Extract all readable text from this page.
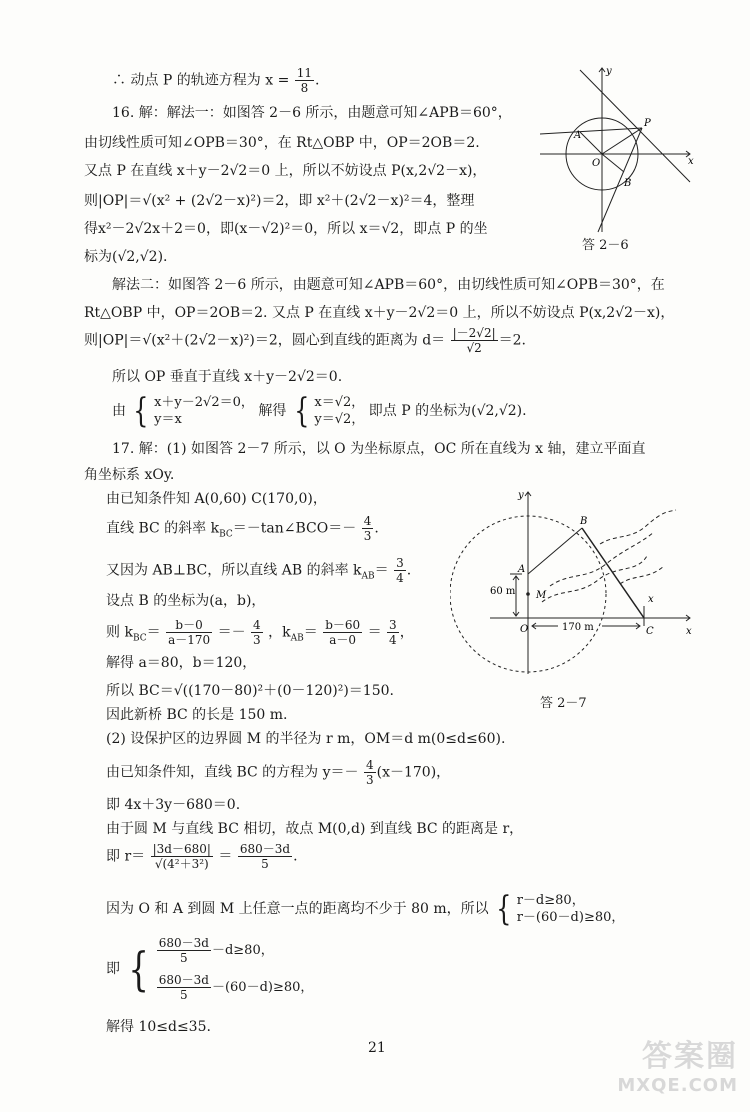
∴ 动点 P 的轨迹方程为 $x = \frac{11}{8}$ .
16. 解：解法一：如图答 2－6 所示，由题意可知∠APB＝60°，
由切线性质可知∠OPB＝30°，在 Rt△OBP 中，OP＝2OB＝2.
又点 P 在直线 x＋y－2√2＝0 上，所以不妨设点 P(x,2√2－x)，
则|OP|＝√(x² + (2√2－x)²)＝2，即 x²＋(2√2－x)²＝4，整理
得x²－2√2x＋2＝0，即(x－√2)²＝0，所以 x＝√2，即点 P 的坐
标为(√2,√2).
解法二：如图答 2－6 所示，由题意可知∠APB＝60°，由切线性质可知∠OPB＝30°，在
Rt△OBP 中，OP＝2OB＝2. 又点 P 在直线 x＋y－2√2＝0 上，所以不妨设点 P(x,2√2－x)，
则|OP|＝√(x²＋(2√2－x)²)＝2，圆心到直线的距离为 $d= \frac{|-2√2|}{√2} =2$.
所以 OP 垂直于直线 x＋y－2√2＝0.
由 { x＋y－2√2＝0，
y＝x
解得 { x＝√2，
y＝√2，
即点 P 的坐标为(√2,√2).
17. 解：(1) 如图答 2－7 所示，以 O 为坐标原点，OC 所在直线为 x 轴，建立平面直
角坐标系 xOy.
由已知条件知 A(0,60) C(170,0)，
直线 BC 的斜率 $k_{BC}=-\tan\angle BCO=- \frac{4}{3}$ .
又因为 AB⊥BC，所以直线 AB 的斜率 $k_{AB}= \frac{3}{4}$ .
设点 B 的坐标为(a，b)，
则 $k_{BC}= \frac{b-0}{a-170} =- \frac{4}{3}$ ，$k_{AB}= \frac{b-60}{a-0} = \frac{3}{4}$ ，
解得 a＝80，b＝120，
所以 BC＝√((170－80)²＋(0－120)²)＝150.
因此新桥 BC 的长是 150 m.
(2) 设保护区的边界圆 M 的半径为 r m，OM＝d m(0≤d≤60).
由已知条件知，直线 BC 的方程为 $y=- \frac{4}{3} (x-170)$，
即 4x＋3y－680＝0.
由于圆 M 与直线 BC 相切，故点 M(0,d) 到直线 BC 的距离是 r，
即 $r= \frac{|3d-680|}{\text{√(4²＋3²)}} = \frac{680-3d}{5}$ .
因为 O 和 A 到圆 M 上任意一点的距离均不少于 80 m，所以 { r－d≥80，
r－(60－d)≥80，
即 { $\frac{680-3d}{5} -d\ge 80$，
$\frac{680-3d}{5} -(60-d)\ge 80$，
解得 10≤d≤35.
y
x
O
A
B
P
答 2－6
y
O
A
B
C
M	x
x
60 m
170 m
答 2－7
21	答案圈
MXQE.COM
